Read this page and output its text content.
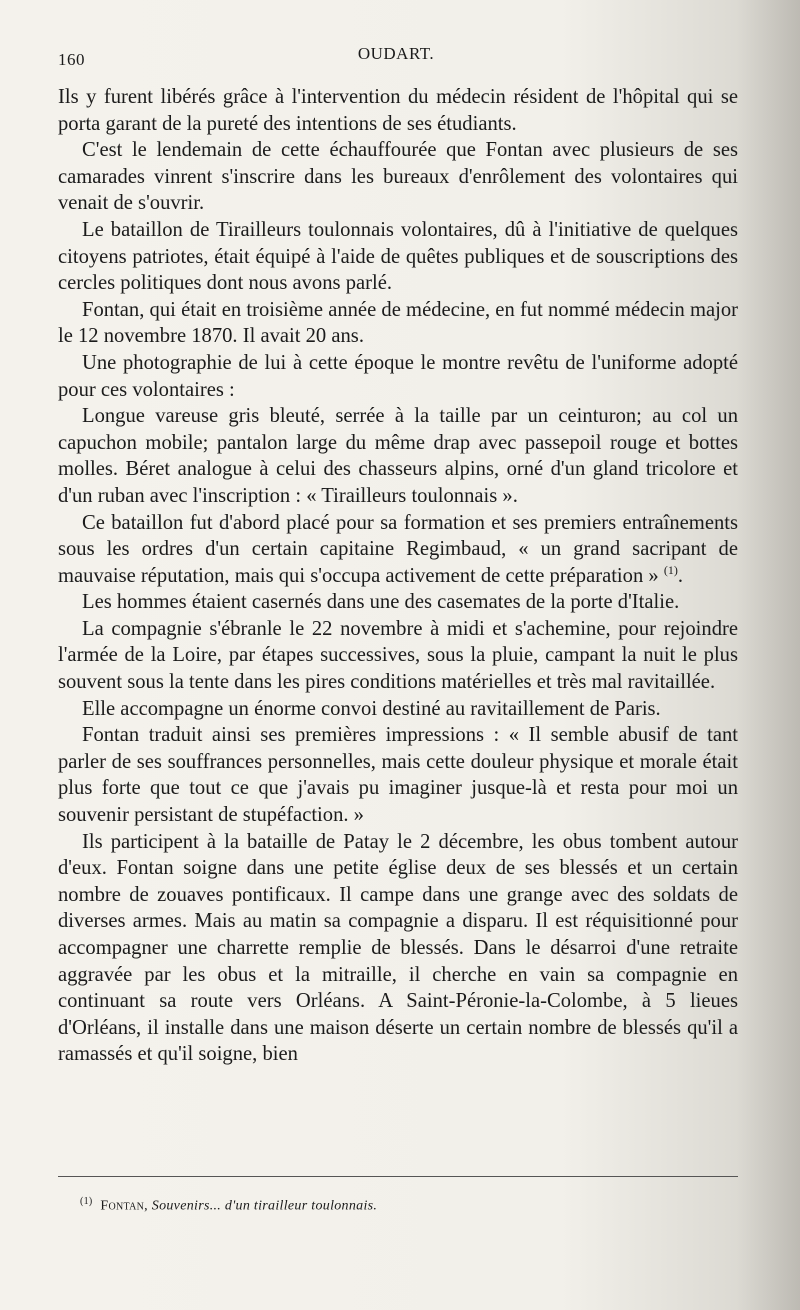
160	OUDART.

Ils y furent libérés grâce à l'intervention du médecin résident de l'hôpital qui se porta garant de la pureté des intentions de ses étudiants.

C'est le lendemain de cette échauffourée que Fontan avec plusieurs de ses camarades vinrent s'inscrire dans les bureaux d'enrôlement des volontaires qui venait de s'ouvrir.

Le bataillon de Tirailleurs toulonnais volontaires, dû à l'initiative de quelques citoyens patriotes, était équipé à l'aide de quêtes publiques et de souscriptions des cercles politiques dont nous avons parlé.

Fontan, qui était en troisième année de médecine, en fut nommé médecin major le 12 novembre 1870. Il avait 20 ans.

Une photographie de lui à cette époque le montre revêtu de l'uniforme adopté pour ces volontaires :

Longue vareuse gris bleuté, serrée à la taille par un ceinturon; au col un capuchon mobile; pantalon large du même drap avec passepoil rouge et bottes molles. Béret analogue à celui des chasseurs alpins, orné d'un gland tricolore et d'un ruban avec l'inscription : « Tirailleurs toulonnais ».

Ce bataillon fut d'abord placé pour sa formation et ses premiers entraînements sous les ordres d'un certain capitaine Regimbaud, « un grand sacripant de mauvaise réputation, mais qui s'occupa activement de cette préparation » $^{(1)}$.

Les hommes étaient casernés dans une des casemates de la porte d'Italie.

La compagnie s'ébranle le 22 novembre à midi et s'achemine, pour rejoindre l'armée de la Loire, par étapes successives, sous la pluie, campant la nuit le plus souvent sous la tente dans les pires conditions matérielles et très mal ravitaillée.

Elle accompagne un énorme convoi destiné au ravitaillement de Paris.

Fontan traduit ainsi ses premières impressions : « Il semble abusif de tant parler de ses souffrances personnelles, mais cette douleur physique et morale était plus forte que tout ce que j'avais pu imaginer jusque-là et resta pour moi un souvenir persistant de stupéfaction. »

Ils participent à la bataille de Patay le 2 décembre, les obus tombent autour d'eux. Fontan soigne dans une petite église deux de ses blessés et un certain nombre de zouaves pontificaux. Il campe dans une grange avec des soldats de diverses armes. Mais au matin sa compagnie a disparu. Il est réquisitionné pour accompagner une charrette remplie de blessés. Dans le désarroi d'une retraite aggravée par les obus et la mitraille, il cherche en vain sa compagnie en continuant sa route vers Orléans. A Saint-Péronie-la-Colombe, à 5 lieues d'Orléans, il installe dans une maison déserte un certain nombre de blessés qu'il a ramassés et qu'il soigne, bien

$^{(1)}$ Fontan, Souvenirs... d'un tirailleur toulonnais.
